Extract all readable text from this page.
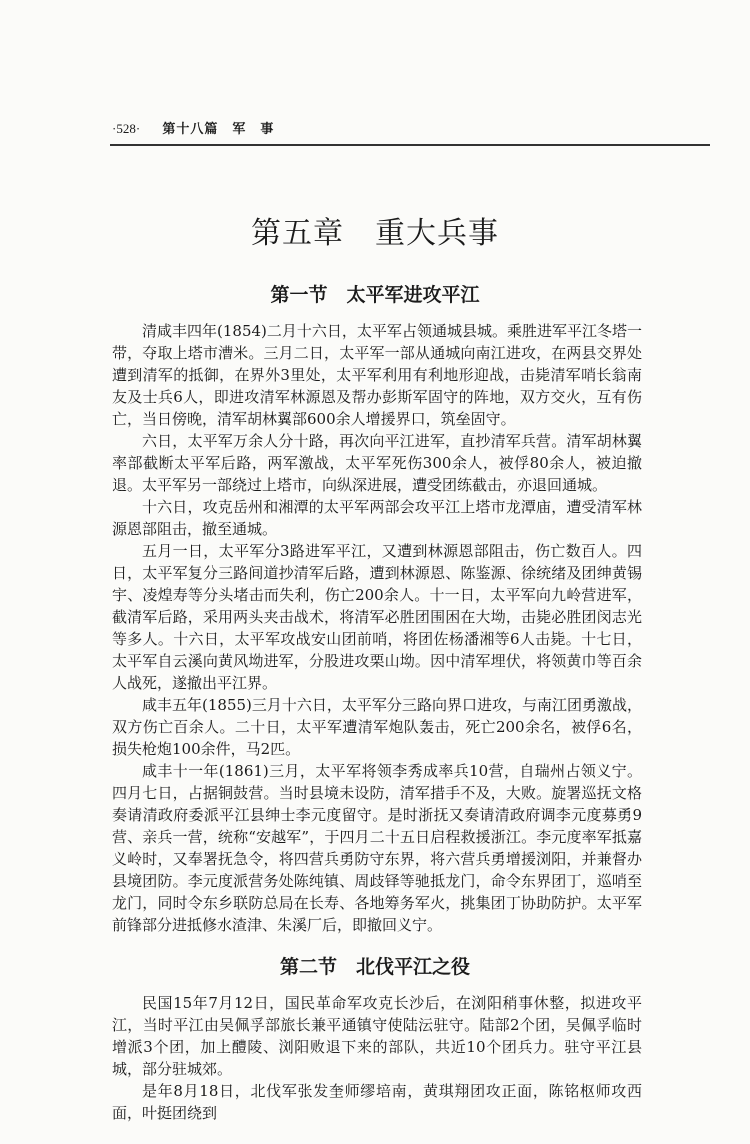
·528· 第十八篇　军　事
第五章　重大兵事
第一节　太平军进攻平江

清咸丰四年(1854)二月十六日，太平军占领通城县城。乘胜进军平江冬塔一带，夺取上塔市漕米。三月二日，太平军一部从通城向南江进攻，在两县交界处遭到清军的抵御，在界外3里处，太平军利用有利地形迎战，击毙清军哨长翁南友及士兵6人，即进攻清军林源恩及帮办彭斯军固守的阵地，双方交火，互有伤亡，当日傍晚，清军胡林翼部600余人增援界口，筑垒固守。

六日，太平军万余人分十路，再次向平江进军，直抄清军兵营。清军胡林翼率部截断太平军后路，两军激战，太平军死伤300余人，被俘80余人，被迫撤退。太平军另一部绕过上塔市，向纵深进展，遭受团练截击，亦退回通城。

十六日，攻克岳州和湘潭的太平军两部会攻平江上塔市龙潭庙，遭受清军林源恩部阻击，撤至通城。

五月一日，太平军分3路进军平江，又遭到林源恩部阻击，伤亡数百人。四日，太平军复分三路间道抄清军后路，遭到林源恩、陈鉴源、徐统绪及团绅黄锡宇、凌煌寿等分头堵击而失利，伤亡200余人。十一日，太平军向九岭营进军，截清军后路，采用两头夹击战术，将清军必胜团围困在大坳，击毙必胜团闵志光等多人。十六日，太平军攻战安山团前哨，将团佐杨潘湘等6人击毙。十七日，太平军自云溪向黄风坳进军，分股进攻栗山坳。因中清军埋伏，将领黄巾等百余人战死，遂撤出平江界。

咸丰五年(1855)三月十六日，太平军分三路向界口进攻，与南江团勇激战，双方伤亡百余人。二十日，太平军遭清军炮队轰击，死亡200余名，被俘6名，损失枪炮100余件，马2匹。

咸丰十一年(1861)三月，太平军将领李秀成率兵10营，自瑞州占领义宁。四月七日，占据铜鼓营。当时县境未设防，清军措手不及，大败。旋署巡抚文格奏请清政府委派平江县绅士李元度留守。是时浙抚又奏请清政府调李元度募勇9营、亲兵一营，统称“安越军”，于四月二十五日启程救援浙江。李元度率军抵嘉义岭时，又奉署抚急令，将四营兵勇防守东界，将六营兵勇增援浏阳，并兼督办县境团防。李元度派营务处陈纯镇、周歧铎等驰抵龙门，命令东界团丁，巡哨至龙门，同时令东乡联防总局在长寿、各地筹务军火，挑集团丁协助防护。太平军前锋部分进抵修水渣津、朱溪厂后，即撤回义宁。

第二节　北伐平江之役

民国15年7月12日，国民革命军攻克长沙后，在浏阳稍事休整，拟进攻平江，当时平江由吴佩孚部旅长兼平通镇守使陆沄驻守。陆部2个团，吴佩孚临时增派3个团，加上醴陵、浏阳败退下来的部队，共近10个团兵力。驻守平江县城，部分驻城郊。

是年8月18日，北伐军张发奎师缪培南，黄琪翔团攻正面，陈铭枢师攻西面，叶挺团绕到
